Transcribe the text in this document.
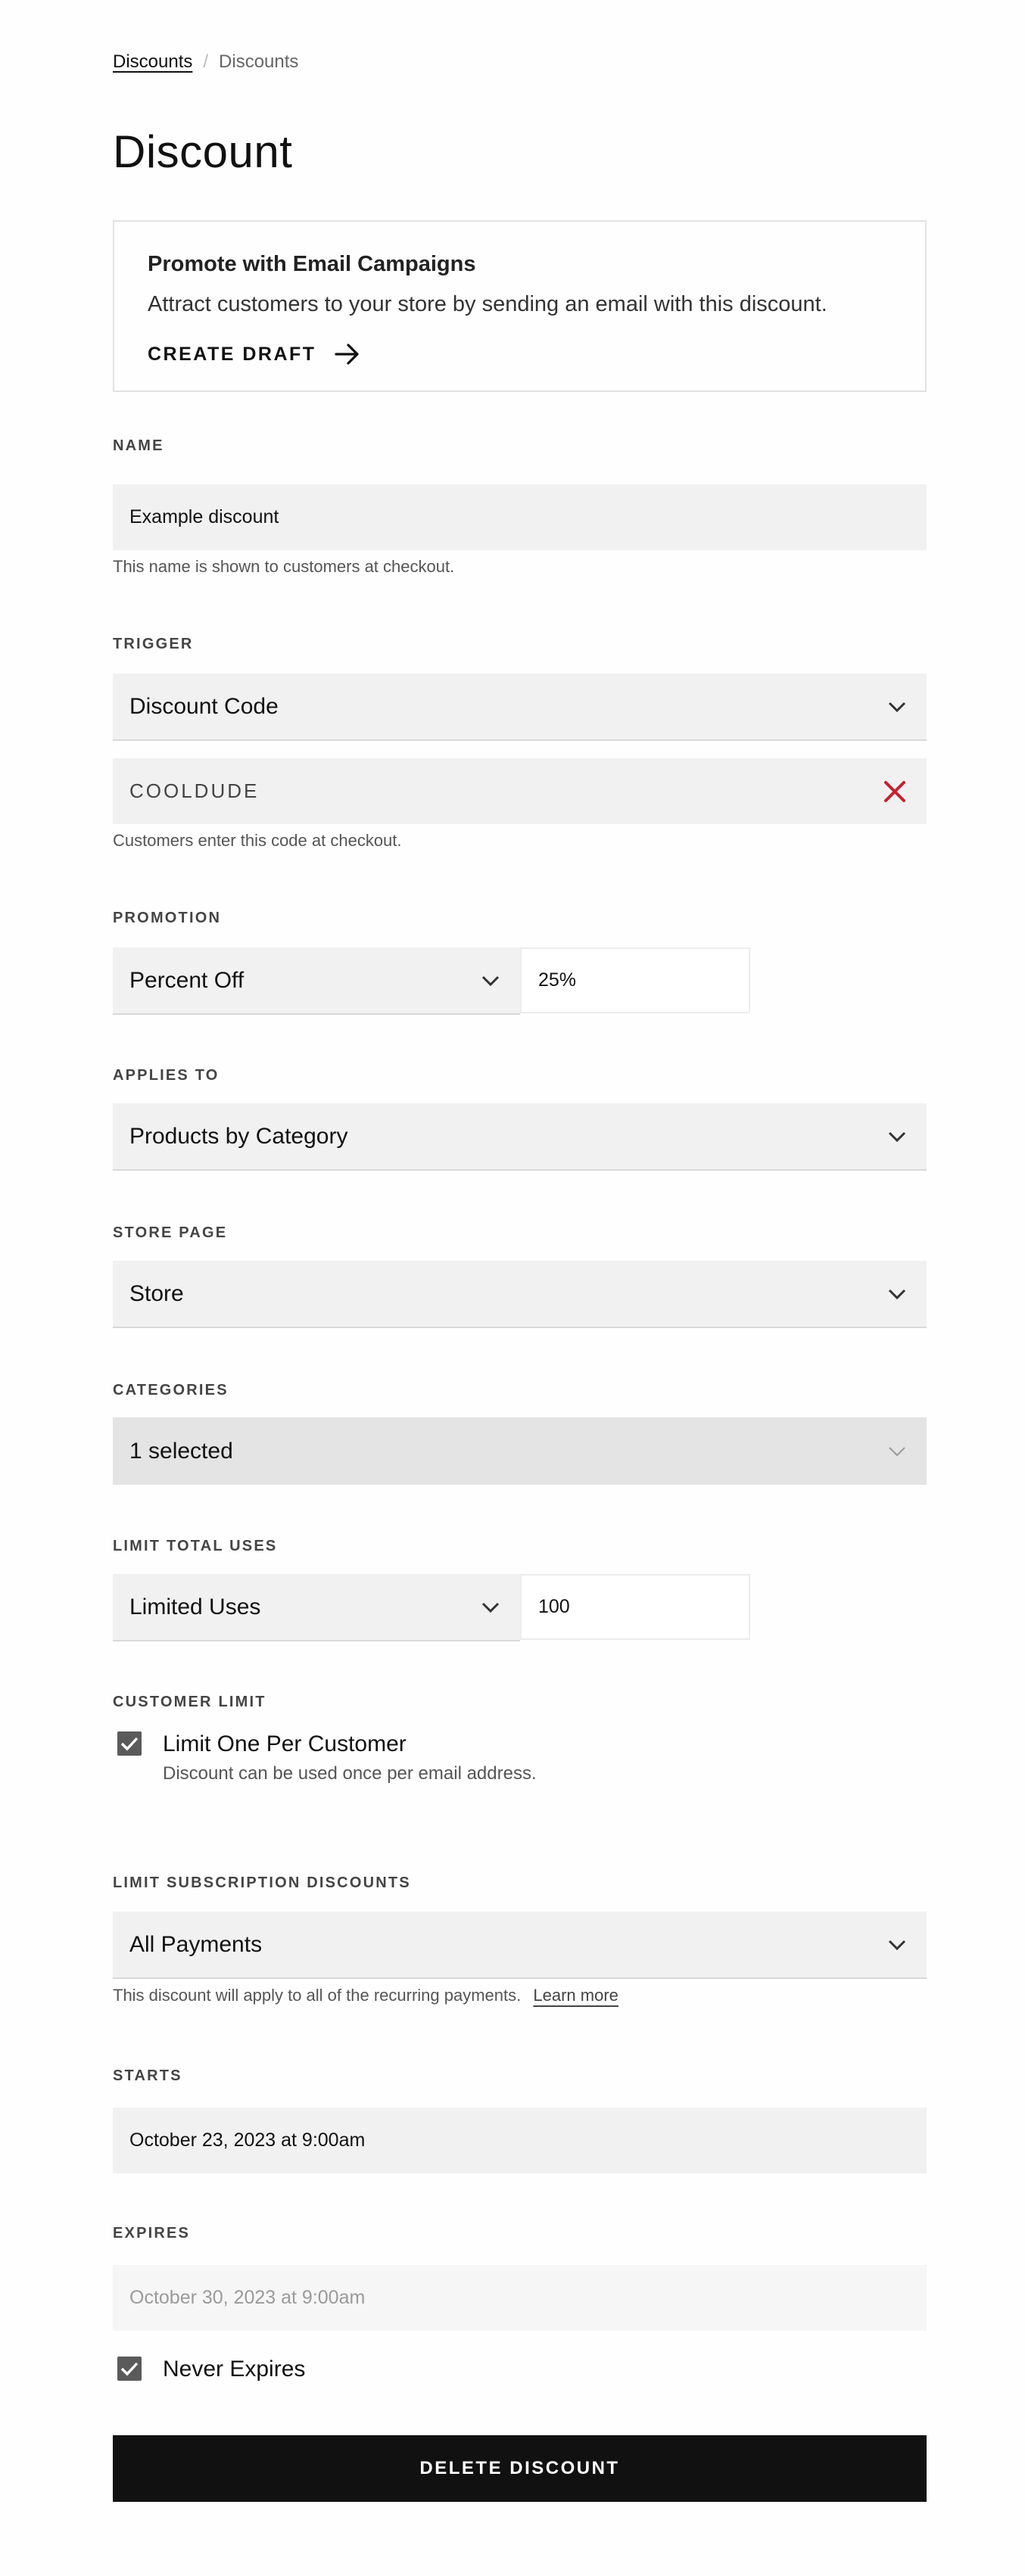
Discounts / Discounts
Discount
Promote with Email Campaigns
Attract customers to your store by sending an email with this discount.
CREATE DRAFT
NAME
Example discount
This name is shown to customers at checkout.
TRIGGER
Discount Code
COOLDUDE
Customers enter this code at checkout.
PROMOTION
Percent Off	25%
APPLIES TO
Products by Category
STORE PAGE
Store
CATEGORIES
1 selected
LIMIT TOTAL USES
Limited Uses	100
CUSTOMER LIMIT
Limit One Per Customer
Discount can be used once per email address.
LIMIT SUBSCRIPTION DISCOUNTS
All Payments
This discount will apply to all of the recurring payments. Learn more
STARTS
October 23, 2023 at 9:00am
EXPIRES
October 30, 2023 at 9:00am
Never Expires
DELETE DISCOUNT
